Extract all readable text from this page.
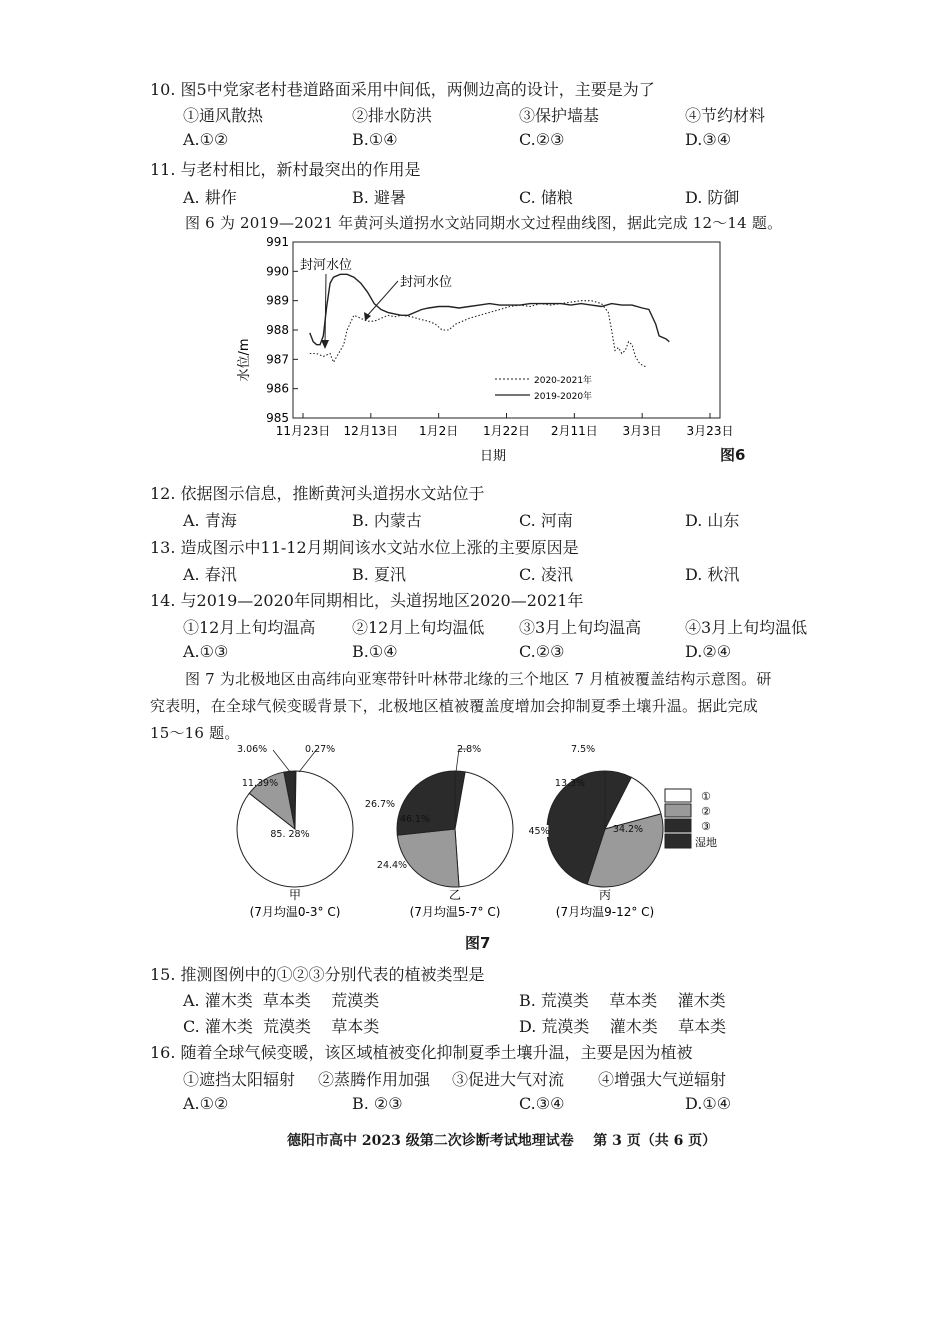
10. 图5中党家老村巷道路面采用中间低，两侧边高的设计，主要是为了
①通风散热	②排水防洪	③保护墙基	④节约材料
A.①②	B.①④	C.②③	D.③④
11. 与老村相比，新村最突出的作用是
A. 耕作	B. 避暑	C. 储粮	D. 防御
图 6 为 2019—2021 年黄河头道拐水文站同期水文过程曲线图，据此完成 12～14 题。
991
990
989
988
987
986
985
11月23日 12月13日 1月2日 1月22日 2月11日 3月3日 3月23日
封河水位
封河水位
2020-2021年
2019-2020年
水位/m
日期	图6
12. 依据图示信息，推断黄河头道拐水文站位于
A. 青海	B. 内蒙古	C. 河南	D. 山东
13. 造成图示中11-12月期间该水文站水位上涨的主要原因是
A. 春汛	B. 夏汛	C. 凌汛	D. 秋汛
14. 与2019—2020年同期相比，头道拐地区2020—2021年
①12月上旬均温高 ②12月上旬均温低 ③3月上旬均温高	④3月上旬均温低
A.①③	B.①④	C.②③	D.②④
图 7 为北极地区由高纬向亚寒带针叶林带北缘的三个地区 7 月植被覆盖结构示意图。研
究表明，在全球气候变暖背景下，北极地区植被覆盖度增加会抑制夏季土壤升温。据此完成
15～16 题。
85. 28%
11.39%
3.06%	0.27%
甲
(7月均温0-3° C)
46.1%
24.4%
26.7%
2.8%
乙
(7月均温5-7° C)
13.3%
34.2%
45%
7.5%
丙
(7月均温9-12° C)
①
②
③
湿地
图7
15. 推测图例中的①②③分别代表的植被类型是
A. 灌木类  草本类    荒漠类	B. 荒漠类    草本类    灌木类
C. 灌木类  荒漠类    草本类	D. 荒漠类    灌木类    草本类
16. 随着全球气候变暖，该区域植被变化抑制夏季土壤升温，主要是因为植被
①遮挡太阳辐射 ②蒸腾作用加强 ③促进大气对流 ④增强大气逆辐射
A.①②	B. ②③	C.③④	D.①④
德阳市高中 2023 级第二次诊断考试地理试卷    第 3 页（共 6 页）
